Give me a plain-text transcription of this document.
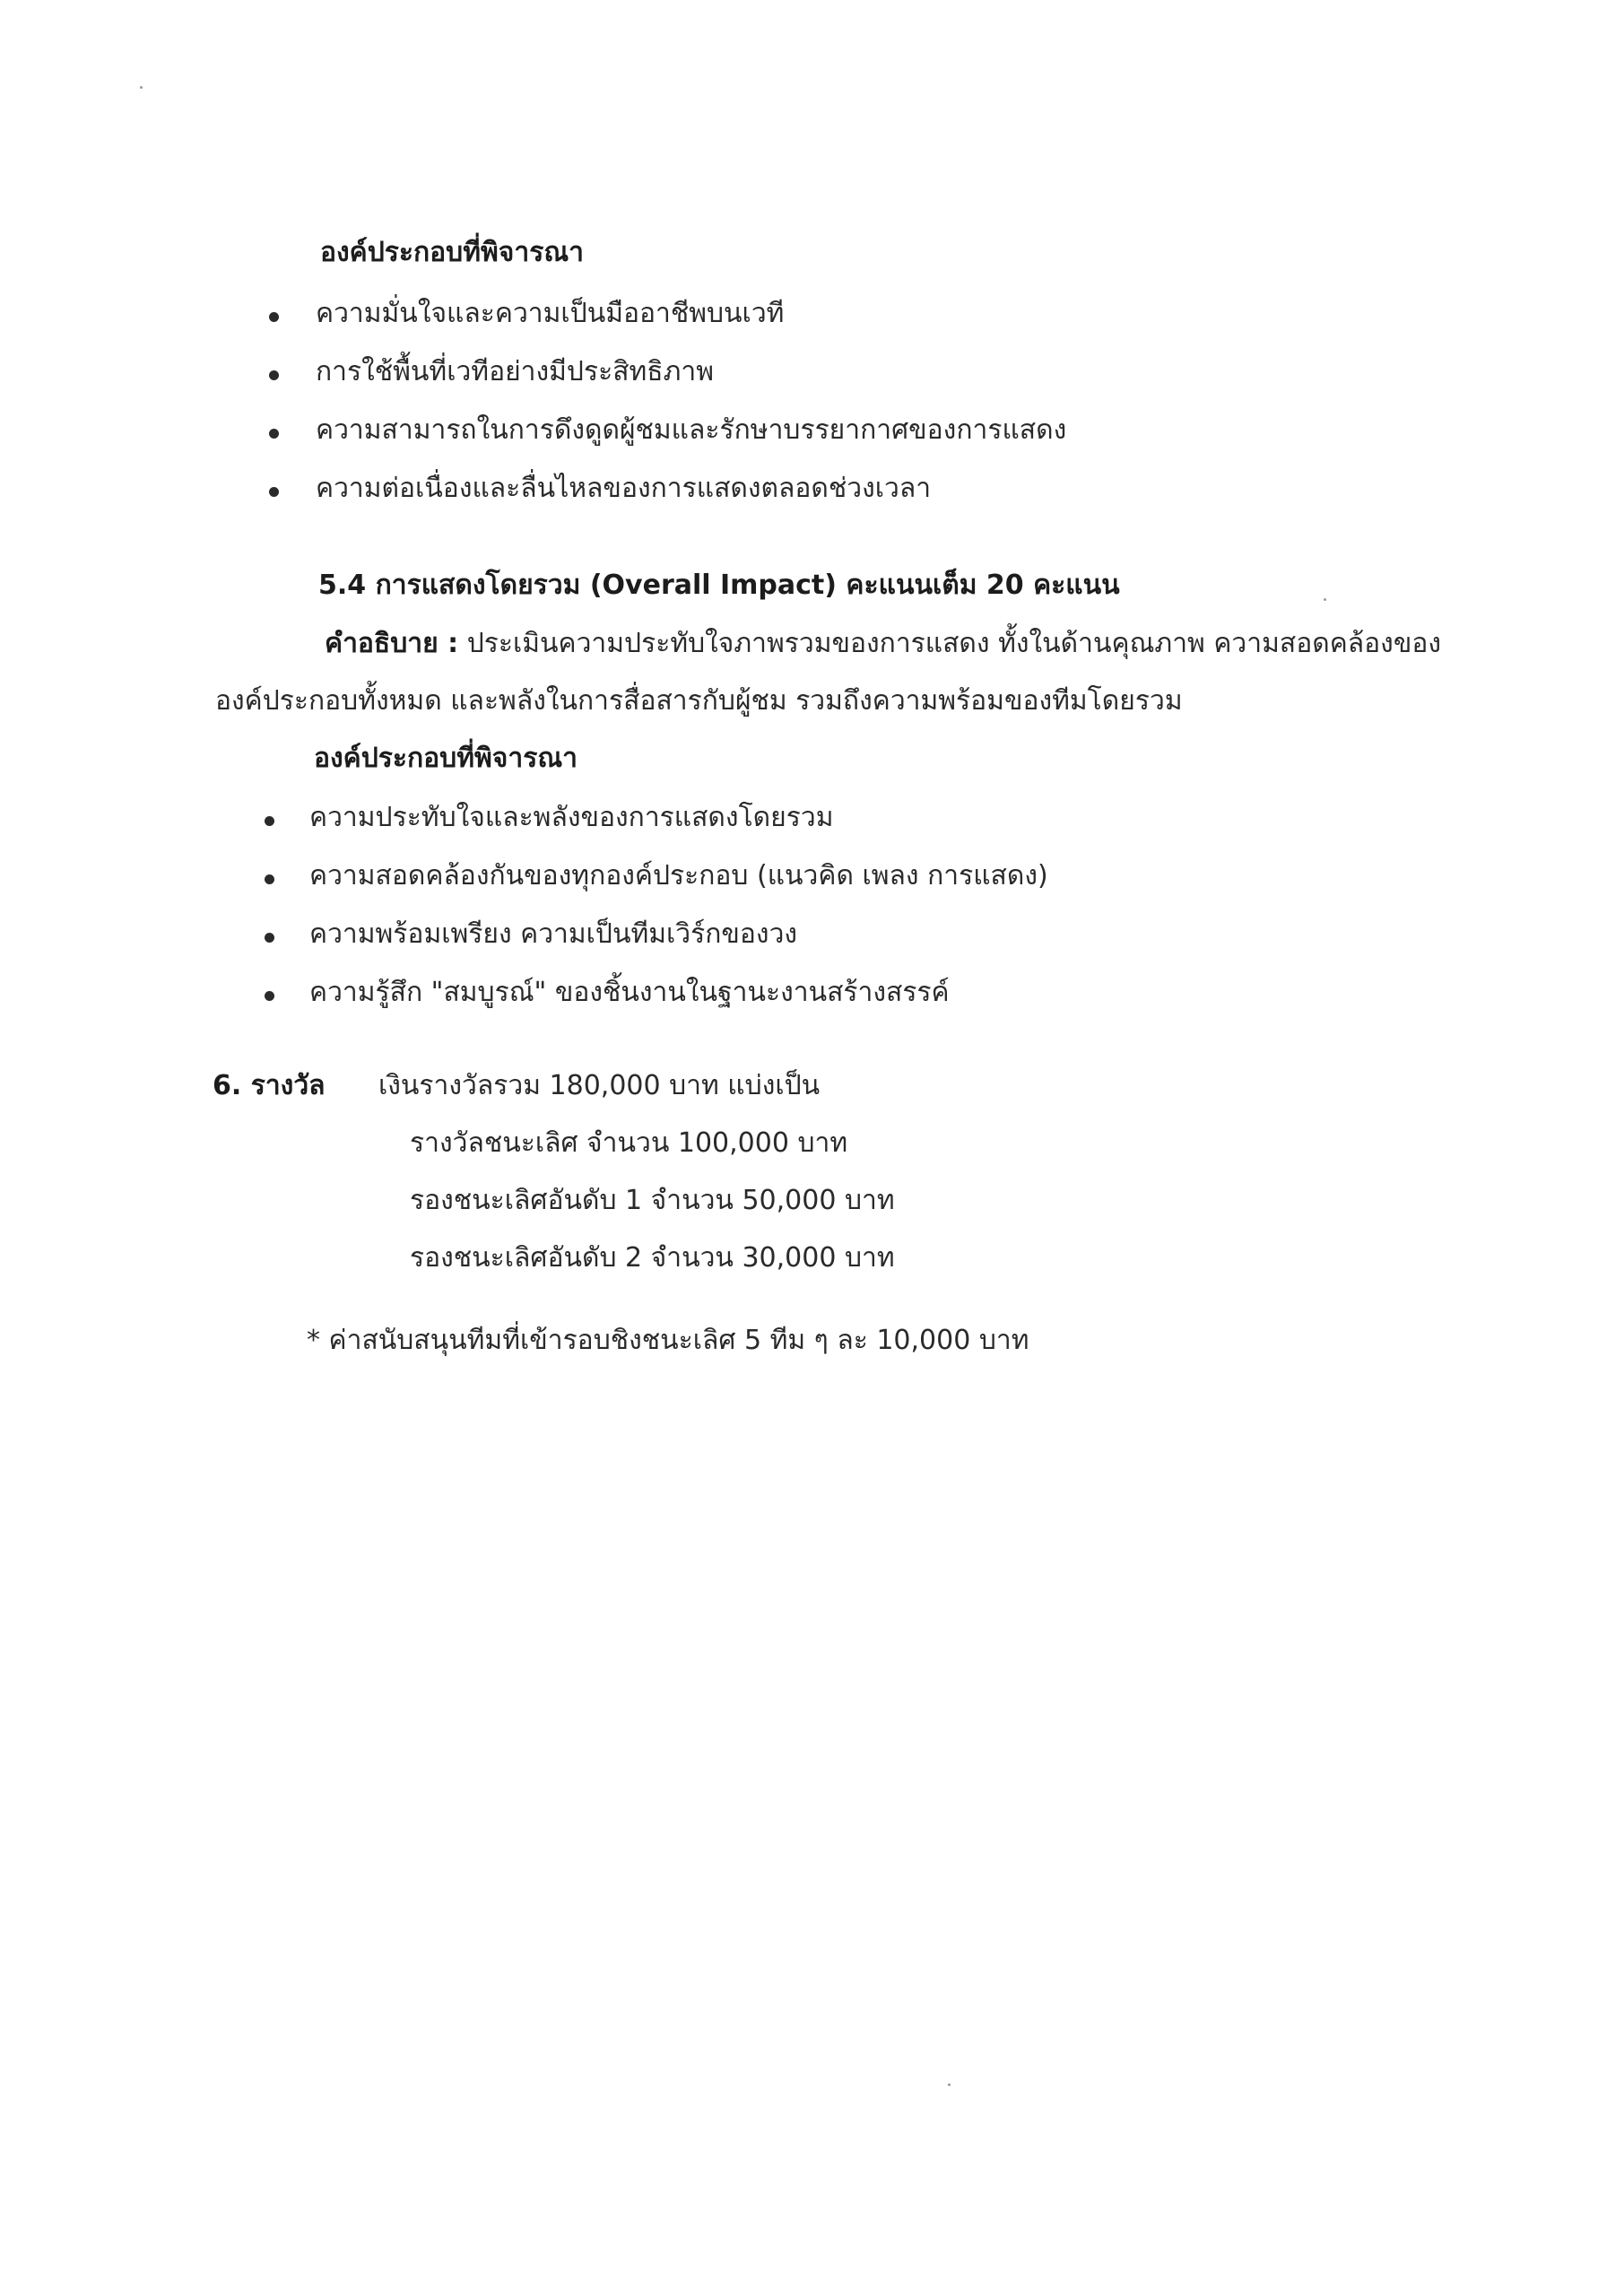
องค์ประกอบที่พิจารณา
ความมั่นใจและความเป็นมืออาชีพบนเวที
การใช้พื้นที่เวทีอย่างมีประสิทธิภาพ
ความสามารถในการดึงดูดผู้ชมและรักษาบรรยากาศของการแสดง
ความต่อเนื่องและลื่นไหลของการแสดงตลอดช่วงเวลา
5.4 การแสดงโดยรวม (Overall Impact) คะแนนเต็ม 20 คะแนน
คำอธิบาย : ประเมินความประทับใจภาพรวมของการแสดง ทั้งในด้านคุณภาพ ความสอดคล้องของ
องค์ประกอบทั้งหมด และพลังในการสื่อสารกับผู้ชม รวมถึงความพร้อมของทีมโดยรวม
องค์ประกอบที่พิจารณา
ความประทับใจและพลังของการแสดงโดยรวม
ความสอดคล้องกันของทุกองค์ประกอบ (แนวคิด เพลง การแสดง)
ความพร้อมเพรียง ความเป็นทีมเวิร์กของวง
ความรู้สึก "สมบูรณ์" ของชิ้นงานในฐานะงานสร้างสรรค์
6. รางวัล เงินรางวัลรวม 180,000 บาท แบ่งเป็น
รางวัลชนะเลิศ จำนวน 100,000 บาท
รองชนะเลิศอันดับ 1 จำนวน 50,000 บาท
รองชนะเลิศอันดับ 2 จำนวน 30,000 บาท
* ค่าสนับสนุนทีมที่เข้ารอบชิงชนะเลิศ 5 ทีม ๆ ละ 10,000 บาท
